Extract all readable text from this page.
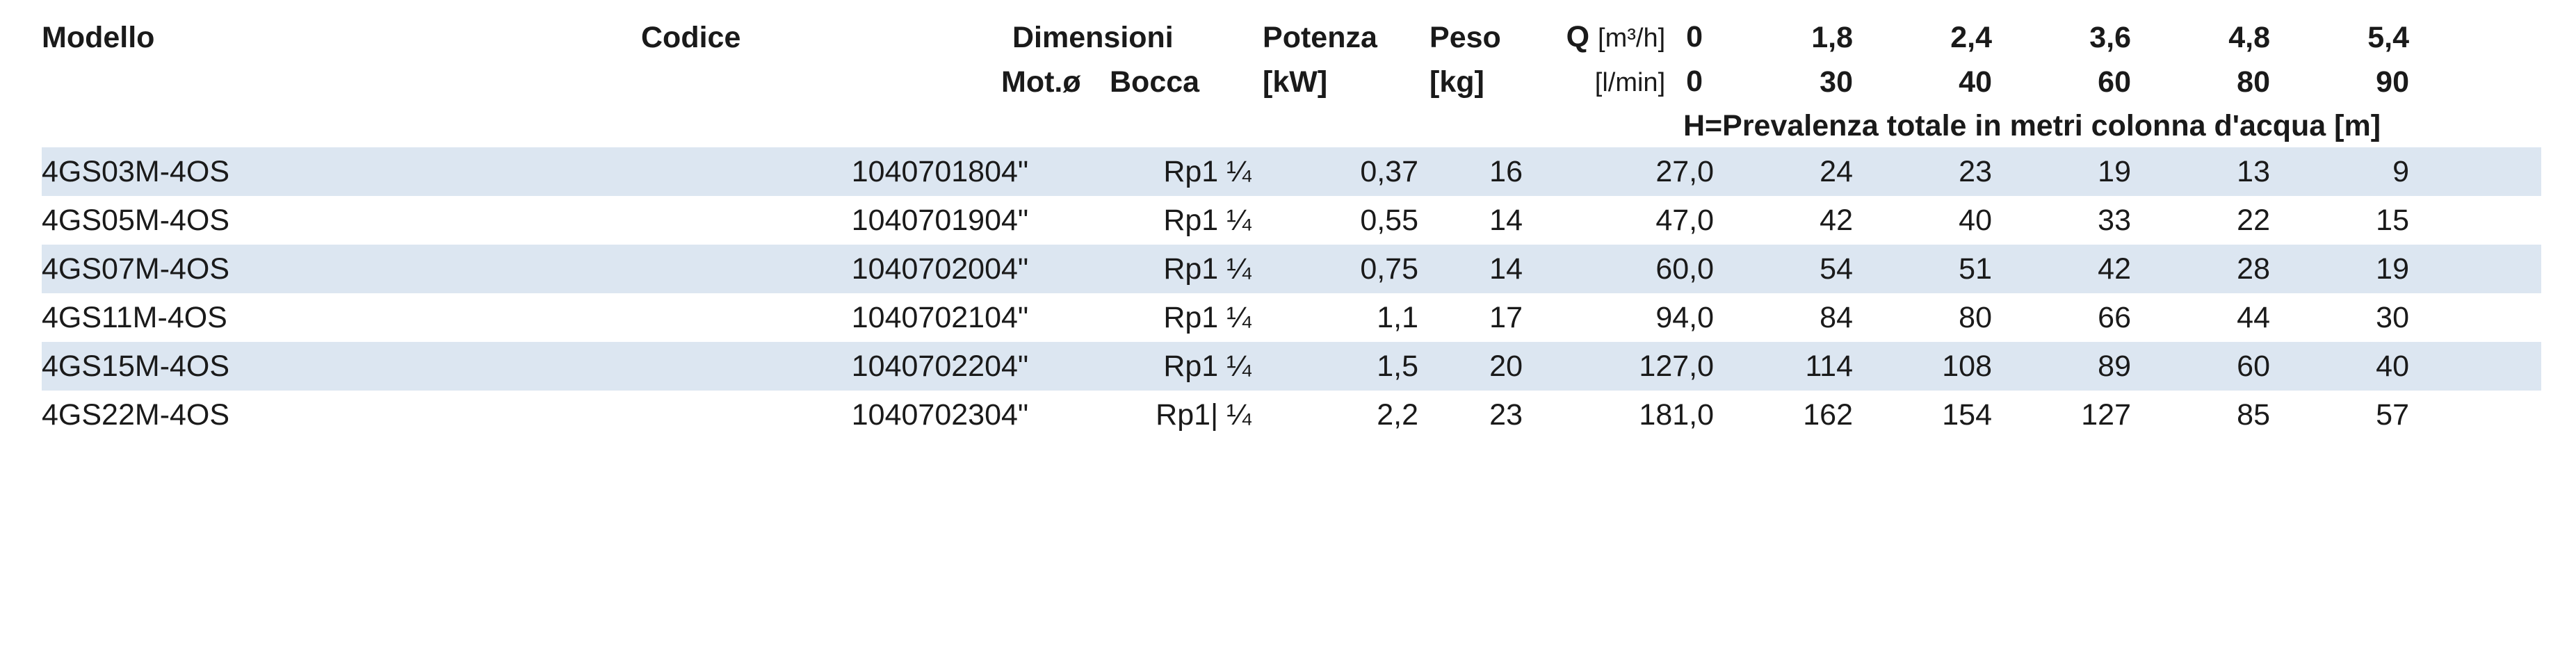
Modello	Codice	Dimensioni		Potenza	Peso	Q [m³/h] 0	1,8	2,4	3,6	4,8	5,4		
		Mot.ø	Bocca	[kW]	[kg]	[l/min] 0	30	40	60	80	90		
						H=Prevalenza totale in metri colonna d'acqua [m]							
4GS03M-4OS	104070180	4"	Rp1 ¼	0,37	16	27,0	24	23	19	13	9		
4GS05M-4OS	104070190	4"	Rp1 ¼	0,55	14	47,0	42	40	33	22	15		
4GS07M-4OS	104070200	4"	Rp1 ¼	0,75	14	60,0	54	51	42	28	19		
4GS11M-4OS	104070210	4"	Rp1 ¼	1,1	17	94,0	84	80	66	44	30		
4GS15M-4OS	104070220	4"	Rp1 ¼	1,5	20	127,0	114	108	89	60	40		
4GS22M-4OS	104070230	4"	Rp1| ¼	2,2	23	181,0	162	154	127	85	57		
